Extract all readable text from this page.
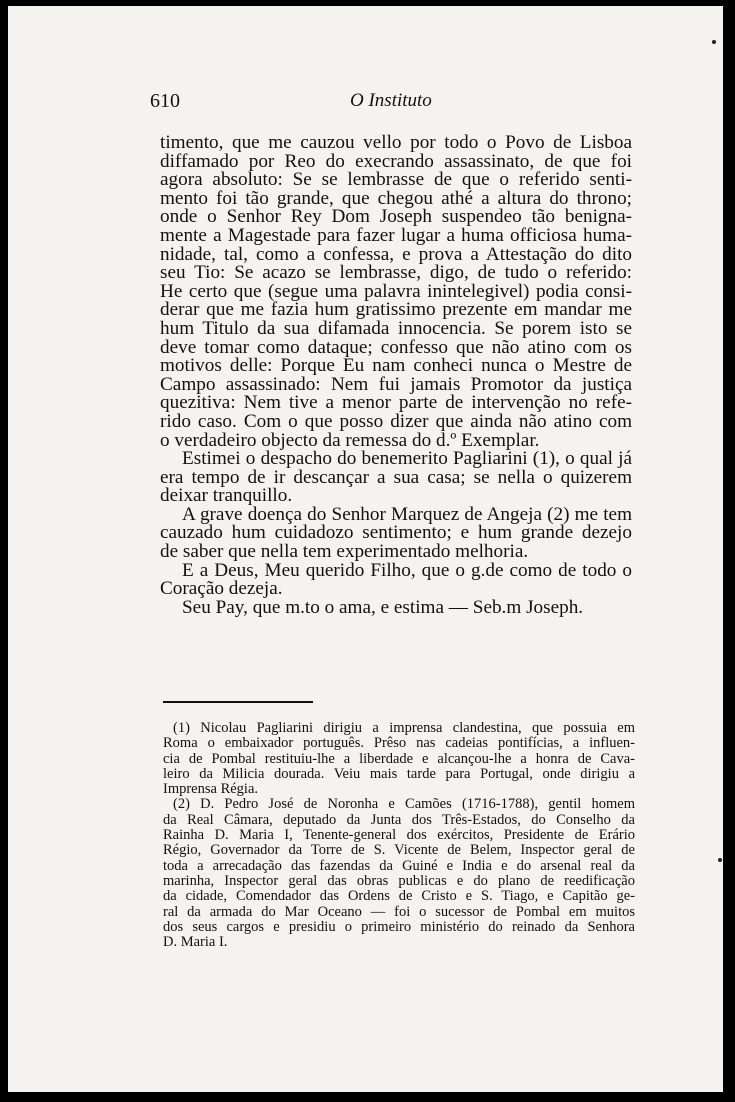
610	O Instituto
timento, que me cauzou vello por todo o Povo de Lisboa
diffamado por Reo do execrando assassinato, de que foi
agora absoluto: Se se lembrasse de que o referido senti-
mento foi tão grande, que chegou athé a altura do throno;
onde o Senhor Rey Dom Joseph suspendeo tão benigna-
mente a Magestade para fazer lugar a huma officiosa huma-
nidade, tal, como a confessa, e prova a Attestação do dito
seu Tio: Se acazo se lembrasse, digo, de tudo o referido:
He certo que (segue uma palavra inintelegivel) podia consi-
derar que me fazia hum gratissimo prezente em mandar me
hum Titulo da sua difamada innocencia. Se porem isto se
deve tomar como dataque; confesso que não atino com os
motivos delle: Porque Eu nam conheci nunca o Mestre de
Campo assassinado: Nem fui jamais Promotor da justiça
quezitiva: Nem tive a menor parte de intervenção no refe-
rido caso. Com o que posso dizer que ainda não atino com
o verdadeiro objecto da remessa do d.º Exemplar.
Estimei o despacho do benemerito Pagliarini (1), o qual já
era tempo de ir descançar a sua casa; se nella o quizerem
deixar tranquillo.
A grave doença do Senhor Marquez de Angeja (2) me tem
cauzado hum cuidadozo sentimento; e hum grande dezejo
de saber que nella tem experimentado melhoria.
E a Deus, Meu querido Filho, que o g.de como de todo o
Coração dezeja.
Seu Pay, que m.to o ama, e estima — Seb.m Joseph.
(1) Nicolau Pagliarini dirigiu a imprensa clandestina, que possuia em
Roma o embaixador português. Prêso nas cadeias pontifícias, a influen-
cia de Pombal restituiu-lhe a liberdade e alcançou-lhe a honra de Cava-
leiro da Milicia dourada. Veiu mais tarde para Portugal, onde dirigiu a
Imprensa Régia.
(2) D. Pedro José de Noronha e Camões (1716-1788), gentil homem
da Real Câmara, deputado da Junta dos Três-Estados, do Conselho da
Rainha D. Maria I, Tenente-general dos exércitos, Presidente de Erário
Régio, Governador da Torre de S. Vicente de Belem, Inspector geral de
toda a arrecadação das fazendas da Guiné e India e do arsenal real da
marinha, Inspector geral das obras publicas e do plano de reedificação
da cidade, Comendador das Ordens de Cristo e S. Tiago, e Capitão ge-
ral da armada do Mar Oceano — foi o sucessor de Pombal em muitos
dos seus cargos e presidiu o primeiro ministério do reinado da Senhora
D. Maria I.
